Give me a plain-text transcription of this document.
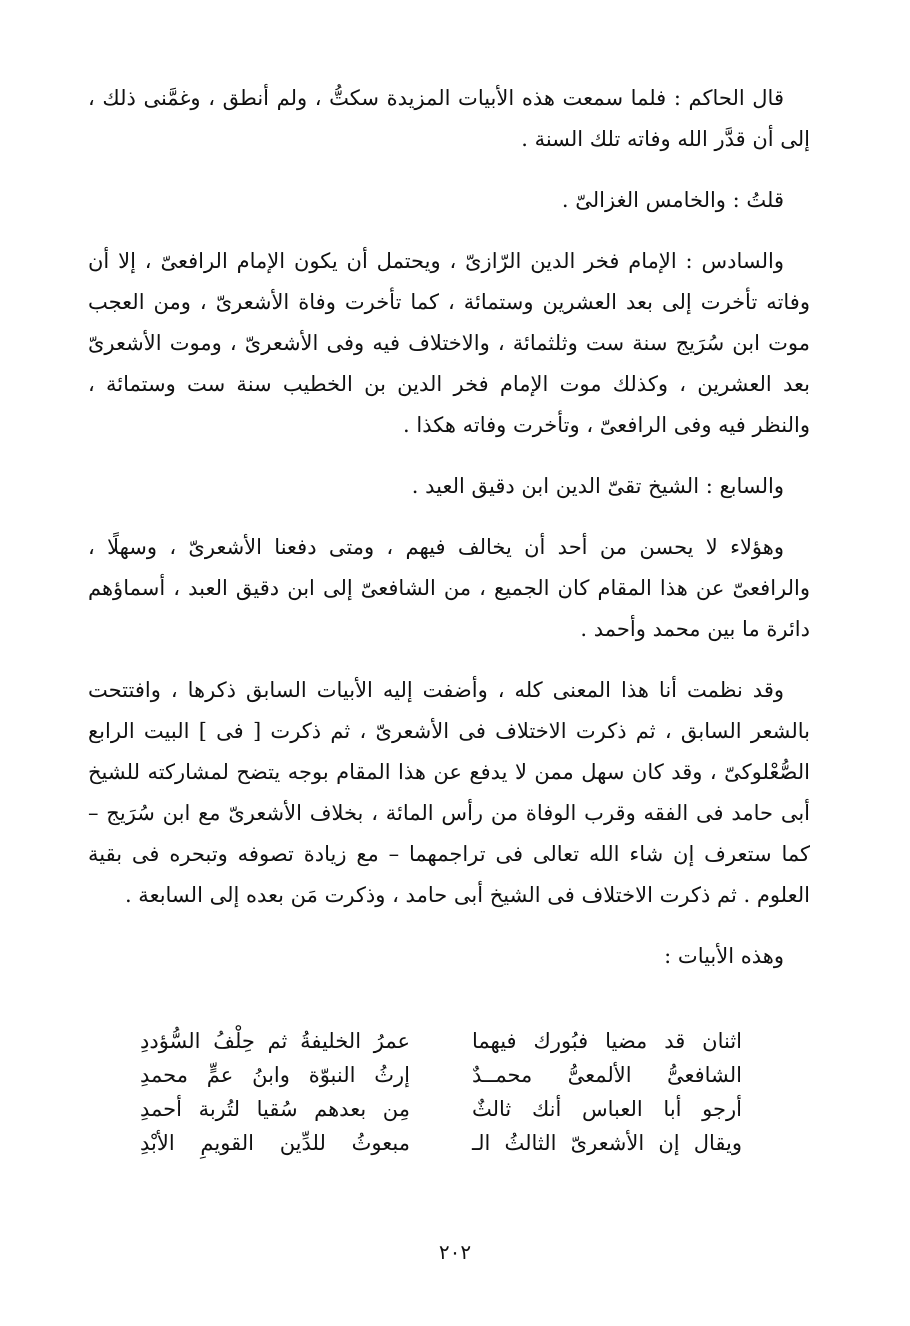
قال الحاكم : فلما سمعت هذه الأبيات المزيدة سكتُّ ، ولم أنطق ، وغمَّنى ذلك ، إلى أن قدَّر الله وفاته تلك السنة .

قلتُ : والخامس الغزالىّ .

والسادس : الإمام فخر الدين الرّازىّ ، ويحتمل أن يكون الإمام الرافعىّ ، إلا أن وفاته تأخرت إلى بعد العشرين وستمائة ، كما تأخرت وفاة الأشعرىّ ، ومن العجب موت ابن سُرَيج سنة ست وثلثمائة ، والاختلاف فيه وفى الأشعرىّ ، وموت الأشعرىّ بعد العشرين ، وكذلك موت الإمام فخر الدين بن الخطيب سنة ست وستمائة ، والنظر فيه وفى الرافعىّ ، وتأخرت وفاته هكذا .

والسابع : الشيخ تقىّ الدين ابن دقيق العيد .

وهؤلاء لا يحسن من أحد أن يخالف فيهم ، ومتى دفعنا الأشعرىّ ، وسهلًا ، والرافعىّ عن هذا المقام كان الجميع ، من الشافعىّ إلى ابن دقيق العبد ، أسماؤهم دائرة ما بين محمد وأحمد .

وقد نظمت أنا هذا المعنى كله ، وأضفت إليه الأبيات السابق ذكرها ، وافتتحت بالشعر السابق ، ثم ذكرت الاختلاف فى الأشعرىّ ، ثم ذكرت [ فى ] البيت الرابع الصُّعْلوكىّ ، وقد كان سهل ممن لا يدفع عن هذا المقام بوجه يتضح لمشاركته للشيخ أبى حامد فى الفقه وقرب الوفاة من رأس المائة ، بخلاف الأشعرىّ مع ابن سُرَيج – كما ستعرف إن شاء الله تعالى فى تراجمهما – مع زيادة تصوفه وتبحره فى بقية العلوم . ثم ذكرت الاختلاف فى الشيخ أبى حامد ، وذكرت مَن بعده إلى السابعة .

وهذه الأبيات :

اثنان قد مضيا فبُورك فيهما
عمرُ الخليفةُ ثم حِلْفُ السُّؤددِ
الشافعىُّ الألمعىُّ محمــدٌ
إرثُ النبوّة وابنُ عمٍّ محمدِ
أرجو أبا العباس أنك ثالثٌ
مِن بعدهم سُقيا لتُربة أحمدِ
ويقال إن الأشعرىّ الثالثُ الـ
مبعوثُ للدِّين القويمِ الأبْدِ
٢٠٢
